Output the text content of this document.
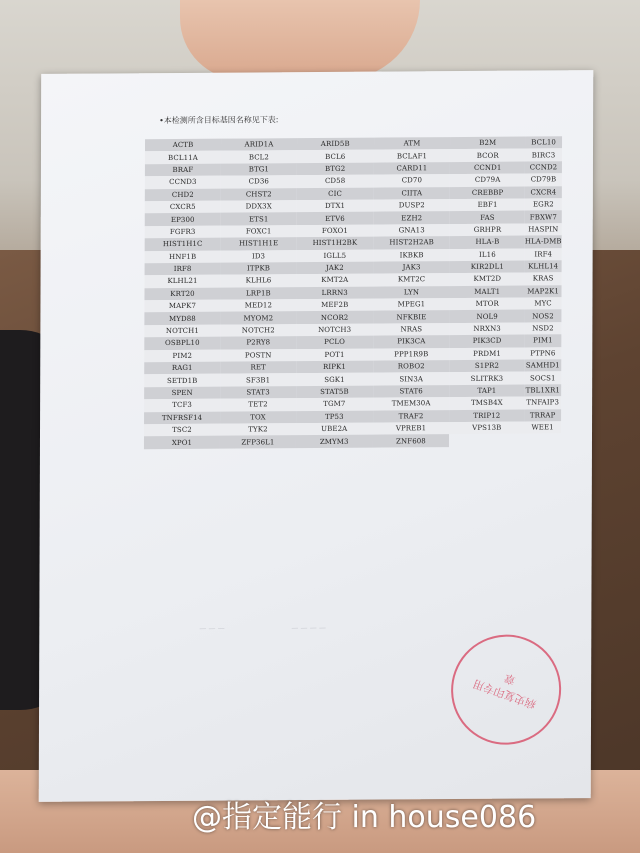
•本检测所含目标基因名称见下表:
ACTB	ARID1A	ARID5B	ATM	B2M	BCL10
BCL11A	BCL2	BCL6	BCLAF1	BCOR	BIRC3
BRAF	BTG1	BTG2	CARD11	CCND1	CCND2
CCND3	CD36	CD58	CD70	CD79A	CD79B
CHD2	CHST2	CIC	CIITA	CREBBP	CXCR4
CXCR5	DDX3X	DTX1	DUSP2	EBF1	EGR2
EP300	ETS1	ETV6	EZH2	FAS	FBXW7
FGFR3	FOXC1	FOXO1	GNA13	GRHPR	HASPIN
HIST1H1C	HIST1H1E	HIST1H2BK	HIST2H2AB	HLA-B	HLA-DMB
HNF1B	ID3	IGLL5	IKBKB	IL16	IRF4
IRF8	ITPKB	JAK2	JAK3	KIR2DL1	KLHL14
KLHL21	KLHL6	KMT2A	KMT2C	KMT2D	KRAS
KRT20	LRP1B	LRRN3	LYN	MALT1	MAP2K1
MAPK7	MED12	MEF2B	MPEG1	MTOR	MYC
MYD88	MYOM2	NCOR2	NFKBIE	NOL9	NOS2
NOTCH1	NOTCH2	NOTCH3	NRAS	NRXN3	NSD2
OSBPL10	P2RY8	PCLO	PIK3CA	PIK3CD	PIM1
PIM2	POSTN	POT1	PPP1R9B	PRDM1	PTPN6
RAG1	RET	RIPK1	ROBO2	S1PR2	SAMHD1
SETD1B	SF3B1	SGK1	SIN3A	SLITRK3	SOCS1
SPEN	STAT3	STAT5B	STAT6	TAP1	TBL1XR1
TCF3	TET2	TGM7	TMEM30A	TMSB4X	TNFAIP3
TNFRSF14	TOX	TP53	TRAF2	TRIP12	TRRAP
TSC2	TYK2	UBE2A	VPREB1	VPS13B	WEE1
XPO1	ZFP36L1	ZMYM3	ZNF608		
— — —	— — — —
病史复印专用章
@指定能行 in house086
